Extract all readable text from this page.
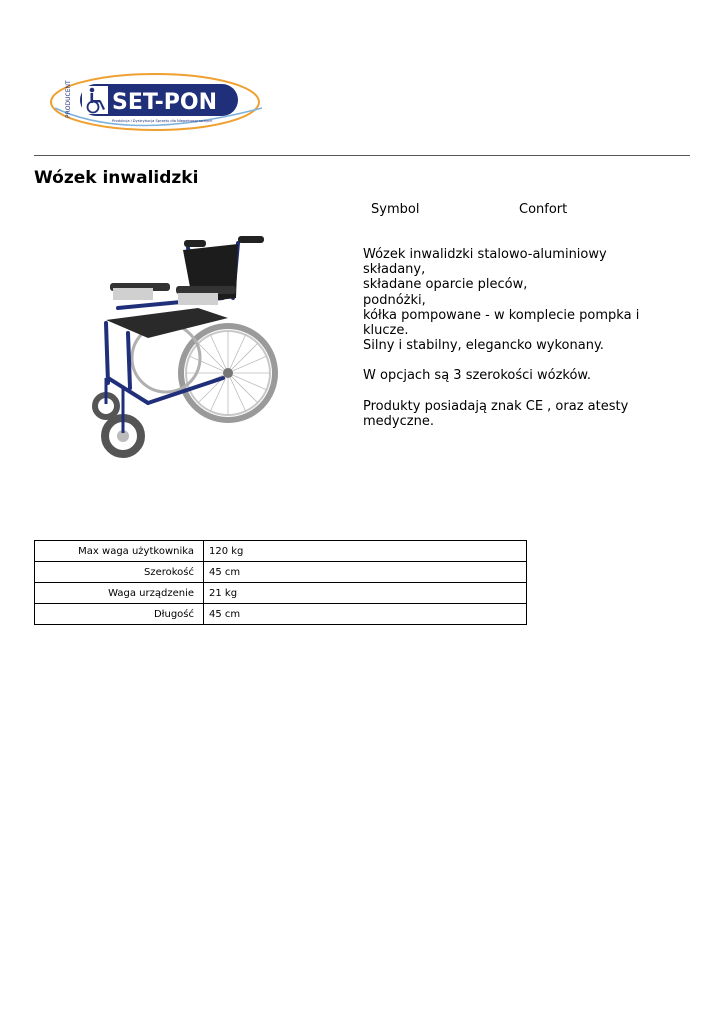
PRODUCENT SET-PON
Produkcja i Dystrybucja Sprzętu dla Niepełnosprawnych
Wózek inwalidzki
Symbol	Confort

Wózek inwalidzki stalowo-aluminiowy składany,
składane oparcie pleców,
podnóżki,
kółka pompowane - w komplecie pompka i klucze.
Silny i stabilny, elegancko wykonany.

W opcjach są 3 szerokości wózków.

Produkty posiadają znak CE , oraz atesty medyczne.

Max waga użytkownika	120 kg
Szerokość	45 cm
Waga urządzenie	21 kg
Długość	45 cm
